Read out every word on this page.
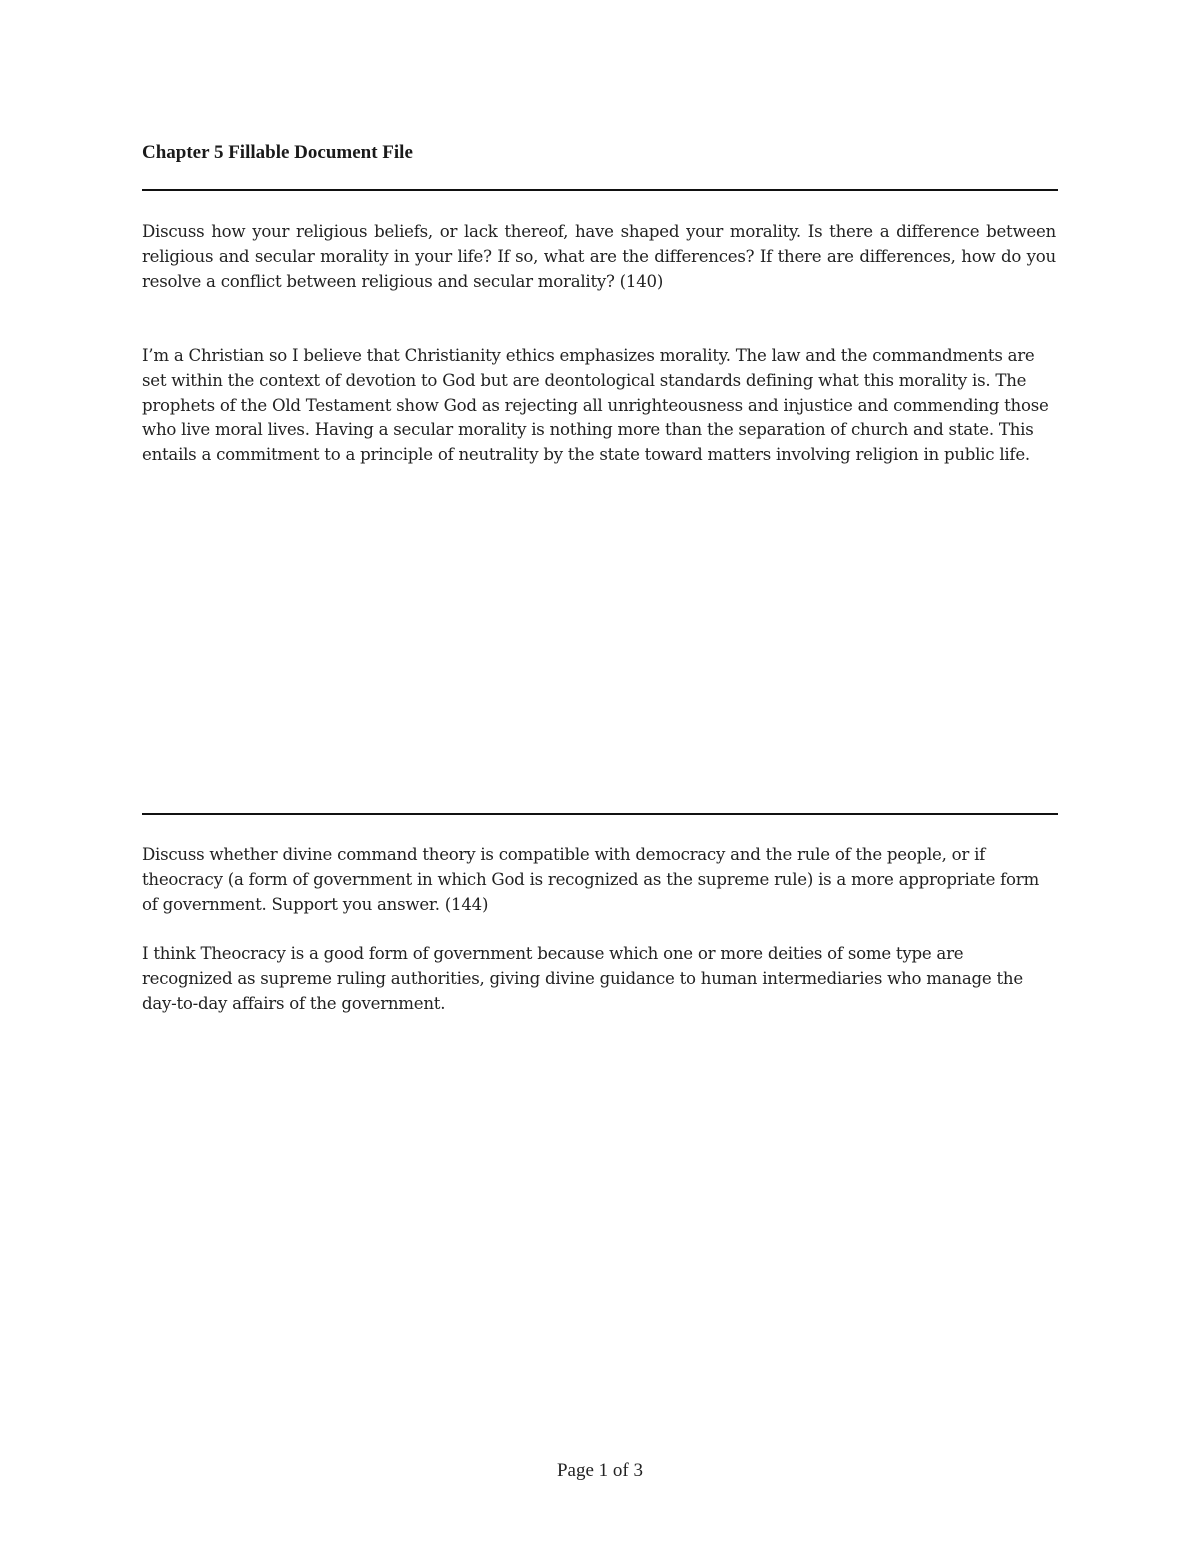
Chapter 5 Fillable Document File

Discuss how your religious beliefs, or lack thereof, have shaped your morality. Is there a difference between religious and secular morality in your life? If so, what are the differences? If there are differences, how do you resolve a conflict between religious and secular morality? (140)

I’m a Christian so I believe that Christianity ethics emphasizes morality. The law and the commandments are set within the context of devotion to God but are deontological standards defining what this morality is. The prophets of the Old Testament show God as rejecting all unrighteousness and injustice and commending those who live moral lives. Having a secular morality is nothing more than the separation of church and state. This entails a commitment to a principle of neutrality by the state toward matters involving religion in public life.

Discuss whether divine command theory is compatible with democracy and the rule of the people, or if theocracy (a form of government in which God is recognized as the supreme rule) is a more appropriate form of government. Support you answer. (144)

I think Theocracy is a good form of government because which one or more deities of some type are recognized as supreme ruling authorities, giving divine guidance to human intermediaries who manage the day-to-day affairs of the government.

Page 1 of 3
